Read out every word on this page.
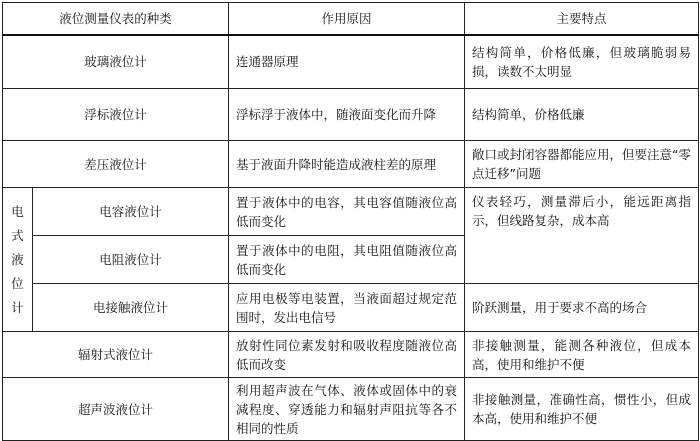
液位测量仪表的种类		作用原因	主要特点
玻璃液位计		连通器原理	结构简单，价格低廉，但玻璃脆弱易损，读数不太明显
浮标液位计		浮标浮于液体中，随液面变化而升降	结构简单，价格低廉
差压液位计		基于液面升降时能造成液柱差的原理	敞口或封闭容器都能应用，但要注意“零点迁移”问题
电式液位计	电容液位计	置于液体中的电容，其电容值随液位高低而变化	仪表轻巧，测量滞后小，能远距离指示，但线路复杂，成本高
	电阻液位计	置于液体中的电阻，其电阻值随液位高低而变化	
	电接触液位计	应用电极等电装置，当液面超过规定范围时，发出电信号	阶跃测量，用于要求不高的场合
辐射式液位计		放射性同位素发射和吸收程度随液位高低而改变	非接触测量，能测各种液位，但成本高，使用和维护不便
超声波液位计		利用超声波在气体、液体或固体中的衰减程度、穿透能力和辐射声阻抗等各不相同的性质	非接触测量，准确性高，惯性小，但成本高，使用和维护不便
